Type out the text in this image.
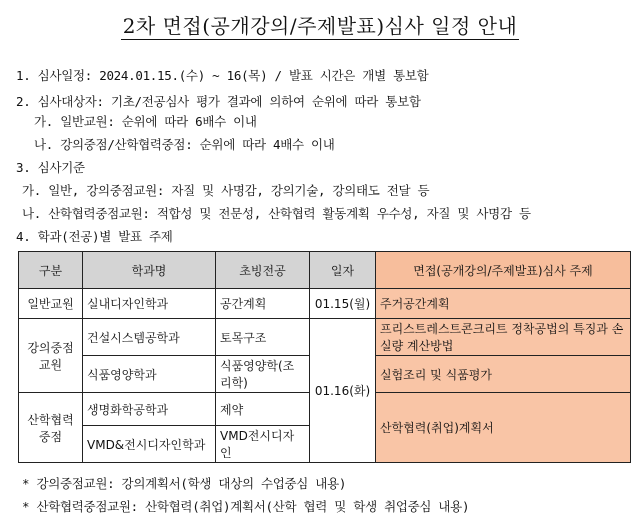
2차 면접(공개강의/주제발표)심사 일정 안내
1. 심사일정: 2024.01.15.(수) ~ 16(목) / 발표 시간은 개별 통보함
2. 심사대상자: 기초/전공심사 평가 결과에 의하여 순위에 따라 통보함
가. 일반교원: 순위에 따라 6배수 이내
나. 강의중점/산학협력중점: 순위에 따라 4배수 이내
3. 심사기준
가. 일반, 강의중점교원: 자질 및 사명감, 강의기술, 강의태도 전달 등
나. 산학협력중점교원: 적합성 및 전문성, 산학협력 활동계획 우수성, 자질 및 사명감 등
4. 학과(전공)별 발표 주제
구분	학과명	초빙전공	일자	면접(공개강의/주제발표)심사 주제
일반교원	실내디자인학과	공간계획	01.15(월)	주거공간계획
강의중점 교원	건설시스템공학과	토목구조	01.16(화)	프리스트레스트콘크리트 정착공법의 특징과 손실량 계산방법
	식품영양학과	식품영양학(조리학)		실험조리 및 식품평가
산학협력 중점	생명화학공학과	제약		산학협력(취업)계획서
	VMD&전시디자인학과	VMD전시디자인		
* 강의중점교원: 강의계획서(학생 대상의 수업중심 내용)
* 산학협력중점교원: 산학협력(취업)계획서(산학 협력 및 학생 취업중심 내용)
